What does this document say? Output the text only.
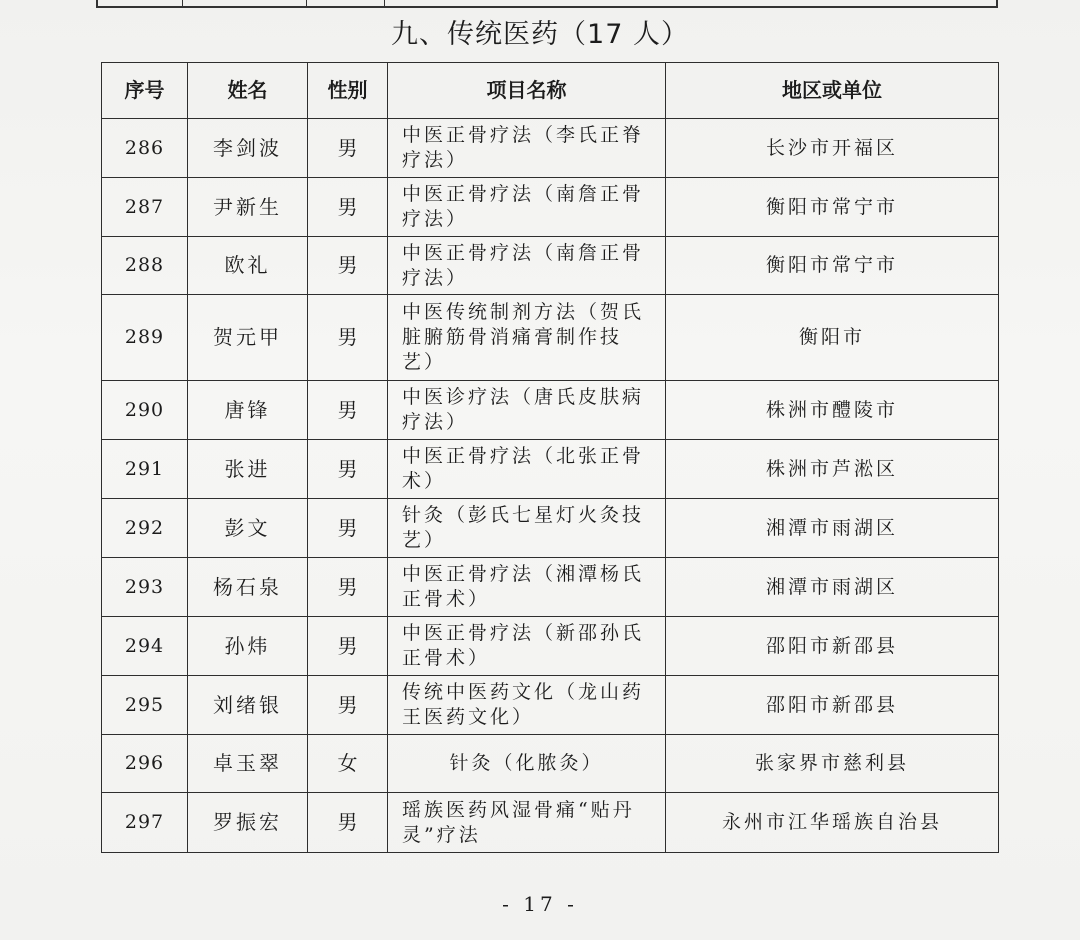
九、传统医药（17 人）
序号	姓名	性别	项目名称	地区或单位
286	李剑波	男	中医正骨疗法（李氏正脊疗法）	长沙市开福区
287	尹新生	男	中医正骨疗法（南詹正骨疗法）	衡阳市常宁市
288	欧礼	男	中医正骨疗法（南詹正骨疗法）	衡阳市常宁市
289	贺元甲	男	中医传统制剂方法（贺氏脏腑筋骨消痛膏制作技艺）	衡阳市
290	唐锋	男	中医诊疗法（唐氏皮肤病疗法）	株洲市醴陵市
291	张进	男	中医正骨疗法（北张正骨术）	株洲市芦淞区
292	彭文	男	针灸（彭氏七星灯火灸技艺）	湘潭市雨湖区
293	杨石泉	男	中医正骨疗法（湘潭杨氏正骨术）	湘潭市雨湖区
294	孙炜	男	中医正骨疗法（新邵孙氏正骨术）	邵阳市新邵县
295	刘绪银	男	传统中医药文化（龙山药王医药文化）	邵阳市新邵县
296	卓玉翠	女	针灸（化脓灸）	张家界市慈利县
297	罗振宏	男	瑶族医药风湿骨痛“贴丹灵”疗法	永州市江华瑶族自治县
- 17 -
